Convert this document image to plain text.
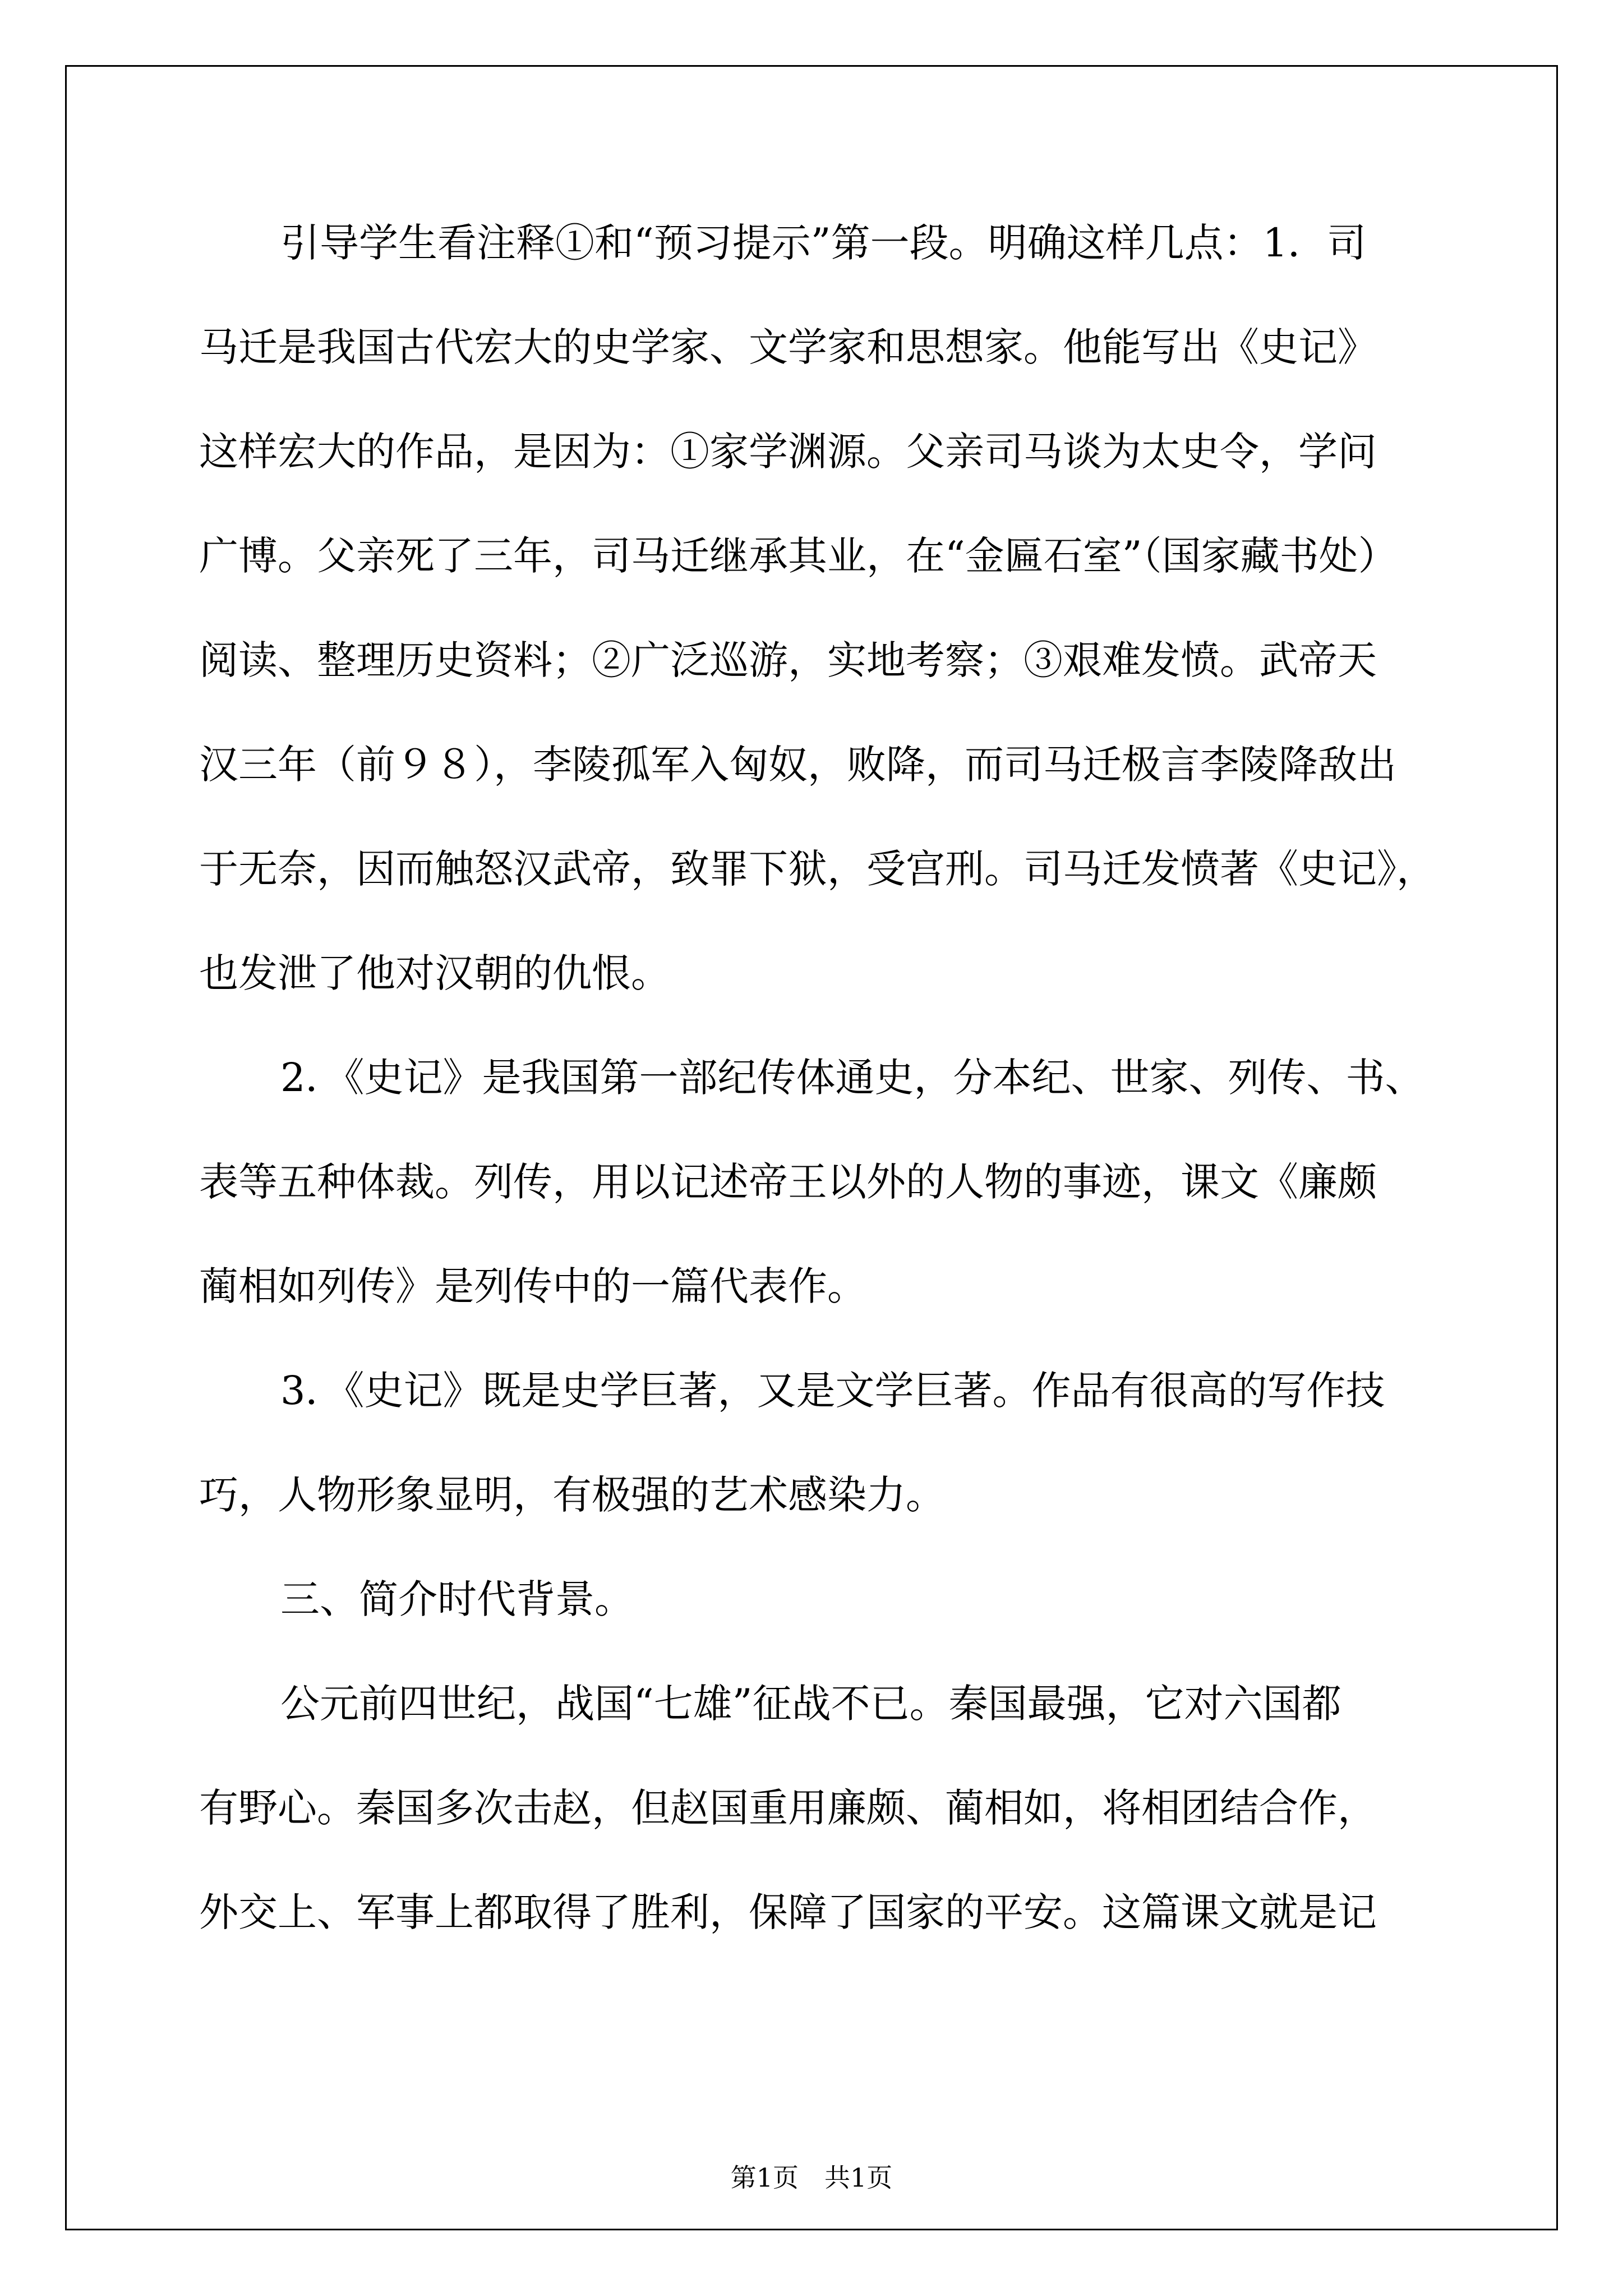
引导学生看注释①和“预习提示”第一段。明确这样几点：1．司
马迁是我国古代宏大的史学家、文学家和思想家。他能写出《史记》
这样宏大的作品，是因为：①家学渊源。父亲司马谈为太史令，学问
广博。父亲死了三年，司马迁继承其业，在“金匾石室”（国家藏书处）
阅读、整理历史资料；②广泛巡游，实地考察；③艰难发愤。武帝天
汉三年（前９８），李陵孤军入匈奴，败降，而司马迁极言李陵降敌出
于无奈，因而触怒汉武帝，致罪下狱，受宫刑。司马迁发愤著《史记》，
也发泄了他对汉朝的仇恨。
2．《史记》是我国第一部纪传体通史，分本纪、世家、列传、书、
表等五种体裁。列传，用以记述帝王以外的人物的事迹，课文《廉颇
蔺相如列传》是列传中的一篇代表作。
3．《史记》既是史学巨著，又是文学巨著。作品有很高的写作技
巧，人物形象显明，有极强的艺术感染力。
三、简介时代背景。
公元前四世纪，战国“七雄”征战不已。秦国最强，它对六国都
有野心。秦国多次击赵，但赵国重用廉颇、蔺相如，将相团结合作，
外交上、军事上都取得了胜利，保障了国家的平安。这篇课文就是记
第1页　共1页
